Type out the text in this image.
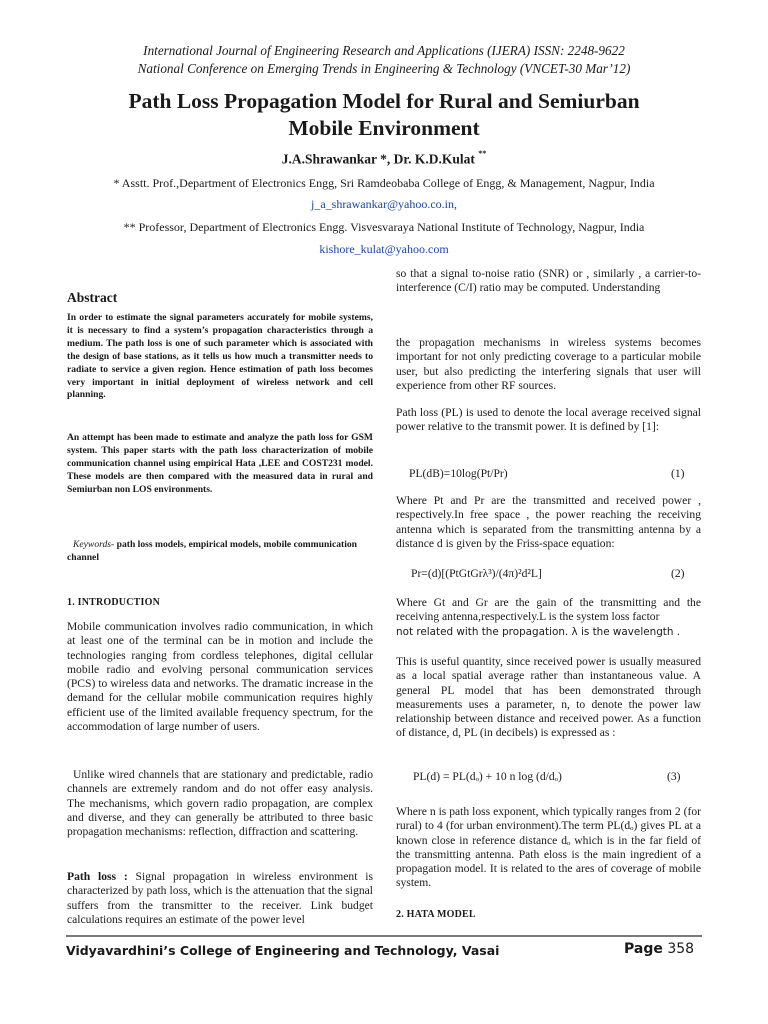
International Journal of Engineering Research and Applications (IJERA) ISSN: 2248-9622
National Conference on Emerging Trends in Engineering & Technology (VNCET-30 Mar’12)
Path Loss Propagation Model for Rural and Semiurban
Mobile Environment
J.A.Shrawankar *, Dr. K.D.Kulat **
* Asstt. Prof.,Department of Electronics Engg, Sri Ramdeobaba College of Engg, & Management, Nagpur, India
j_a_shrawankar@yahoo.co.in,
** Professor, Department of Electronics Engg. Visvesvaraya National Institute of Technology, Nagpur, India
kishore_kulat@yahoo.com
Abstract
In order to estimate the signal parameters accurately for mobile systems, it is necessary to find a system’s propagation characteristics through a medium. The path loss is one of such parameter which is associated with the design of base stations, as it tells us how much a transmitter needs to radiate to service a given region. Hence estimation of path loss becomes very important in initial deployment of wireless network and cell planning.
An attempt has been made to estimate and analyze the path loss for GSM system. This paper starts with the path loss characterization of mobile communication channel using empirical Hata ,LEE and COST231 model. These models are then compared with the measured data in rural and Semiurban non LOS environments.
Keywords- path loss models, empirical models, mobile communication channel
1. INTRODUCTION
Mobile communication involves radio communication, in which at least one of the terminal can be in motion and include the technologies ranging from cordless telephones, digital cellular mobile radio and evolving personal communication services (PCS) to wireless data and networks. The dramatic increase in the demand for the cellular mobile communication requires highly efficient use of the limited available frequency spectrum, for the accommodation of large number of users.
Unlike wired channels that are stationary and predictable, radio channels are extremely random and do not offer easy analysis. The mechanisms, which govern radio propagation, are complex and diverse, and they can generally be attributed to three basic propagation mechanisms: reflection, diffraction and scattering.
Path loss : Signal propagation in wireless environment is characterized by path loss, which is the attenuation that the signal suffers from the transmitter to the receiver. Link budget calculations requires an estimate of the power level
so that a signal to-noise ratio (SNR) or , similarly , a carrier-to-interference (C/I) ratio may be computed. Understanding
the propagation mechanisms in wireless systems becomes important for not only predicting coverage to a particular mobile user, but also predicting the interfering signals that user will experience from other RF sources.
Path loss (PL) is used to denote the local average received signal power relative to the transmit power. It is defined by [1]:
PL(dB)=10log(Pt/Pr)	(1)
Where Pt and Pr are the transmitted and received power , respectively.In free space , the power reaching the receiving antenna which is separated from the transmitting antenna by a distance d is given by the Friss-space equation:
Pr=(d)[(PtGtGrλ³)/(4π)²d²L]	(2)
Where Gt and Gr are the gain of the transmitting and the receiving antenna,respectively.L is the system loss factor
not related with the propagation. λ is the wavelength .
This is useful quantity, since received power is usually measured as a local spatial average rather than instantaneous value. A general PL model that has been demonstrated through measurements uses a parameter, n, to denote the power law relationship between distance and received power. As a function of distance, d, PL (in decibels) is expressed as :
PL(d) = PL(dₒ) + 10 n log (d/dₒ)	(3)
Where n is path loss exponent, which typically ranges from 2 (for rural) to 4 (for urban environment).The term PL(dₒ) gives PL at a known close in reference distance dₒ which is in the far field of the transmitting antenna. Path eloss is the main ingredient of a propagation model. It is related to the ares of coverage of mobile system.
2. HATA MODEL
Vidyavardhini’s College of Engineering and Technology, Vasai	Page 358
